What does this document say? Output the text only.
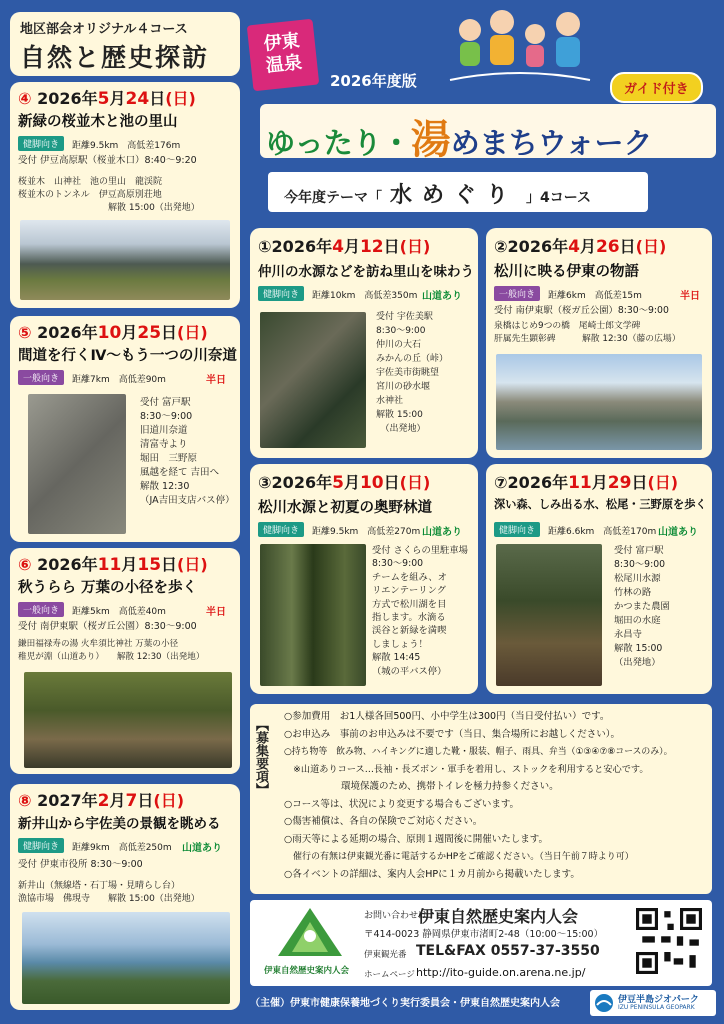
地区部会オリジナル４コース
自然と歴史探訪
伊東
温泉
2026年度版	ガイド付き
ゆったり・湯めまちウォーク
今年度テーマ「 水めぐり 」4コース
④ 2026年5月24日(日)
新緑の桜並木と池の里山
健脚向き	距離9.5km　高低差176m
受付 伊豆高原駅（桜並木口）8:40～9:20
桜並木　山神社　池の里山　龍渓院
桜並木のトンネル　伊豆高原別荘地
　　　　　　　　　　解散 15:00（出発地）
⑤ 2026年10月25日(日)
間道を行くⅣ～もう一つの川奈道
一般向き	距離7km　高低差90m	半日
受付 富戸駅
8:30～9:00
旧道川奈道
清富寺より
堀田　三野原
風越を経て 吉田へ
解散 12:30
（JA吉田支店バス停）
⑥ 2026年11月15日(日)
秋うらら 万葉の小径を歩く
一般向き	距離5km　高低差40m	半日
受付 南伊東駅（桜ガ丘公園）8:30～9:00
鎌田福禄寿の湯 火牟須比神社 万葉の小径
稚児が淵（山道あり）　　解散 12:30（出発地）
⑧ 2027年2月7日(日)
新井山から宇佐美の景観を眺める
健脚向き	距離9km　高低差250m 山道あり
受付 伊東市役所 8:30～9:00
新井山（無線塔・石丁場・見晴らし台）
漁協市場　佛現寺　　解散 15:00（出発地）
①2026年4月12日(日)
仲川の水源などを訪ね里山を味わう
健脚向き	距離10km　高低差350m 山道あり
受付 宇佐美駅
8:30～9:00
仲川の大石
みかんの丘（峠）
宇佐美市街眺望
宮川の砂水堰
水神社
解散 15:00
　（出発地）
②2026年4月26日(日)
松川に映る伊東の物語
一般向き	距離6km　高低差15m	半日
受付 南伊東駅（桜ガ丘公園）8:30～9:00
泉橋はじめ9つの橋　尾崎士郎文学碑
肝属先生顕彰碑　　　解散 12:30（藤の広場）
③2026年5月10日(日)
松川水源と初夏の奥野林道
健脚向き	距離9.5km　高低差270m 山道あり
受付 さくらの里駐車場
8:30～9:00
チームを組み、オ
リエンテーリング
方式で松川湖を目
指します。水滴る
渓谷と新緑を満喫
しましょう！
解散 14:45
（城の平バス停）
⑦2026年11月29日(日)
深い森、しみ出る水、松尾・三野原を歩く
健脚向き	距離6.6km　高低差170m 山道あり
受付 富戸駅
8:30～9:00
松尾川水源
竹林の路
かつまた農園
堀田の水庭
永昌寺
解散 15:00
（出発地）
【募集要項】
○参加費用　お1人様各回500円、小中学生は300円（当日受付払い）です。
○お申込み　事前のお申込みは不要です（当日、集合場所にお越しください）。
○持ち物等　飲み物、ハイキングに適した靴・服装、帽子、雨具、弁当（①③④⑦⑧コースのみ）。
　※山道ありコース…長袖・長ズボン・軍手を着用し、ストックを利用すると安心です。
　　　　　　環境保護のため、携帯トイレを極力持参ください。
○コース等は、状況により変更する場合もございます。
○傷害補償は、各自の保険でご対応ください。
○雨天等による延期の場合、原則１週間後に開催いたします。
　催行の有無は伊東観光番に電話するかHPをご確認ください。（当日午前７時より可）
○各イベントの詳細は、案内人会HPに１カ月前から掲載いたします。
伊東自然歴史案内人会
お問い合わせは
伊東自然歴史案内人会
〒414-0023 静岡県伊東市渚町2-48（10:00～15:00）
伊東観光番 TEL&FAX 0557-37-3550
ホームページ http://ito-guide.on.arena.ne.jp/
（主催）伊東市健康保養地づくり実行委員会・伊東自然歴史案内人会	伊豆半島ジオパーク
IZU PENINSULA GEOPARK
